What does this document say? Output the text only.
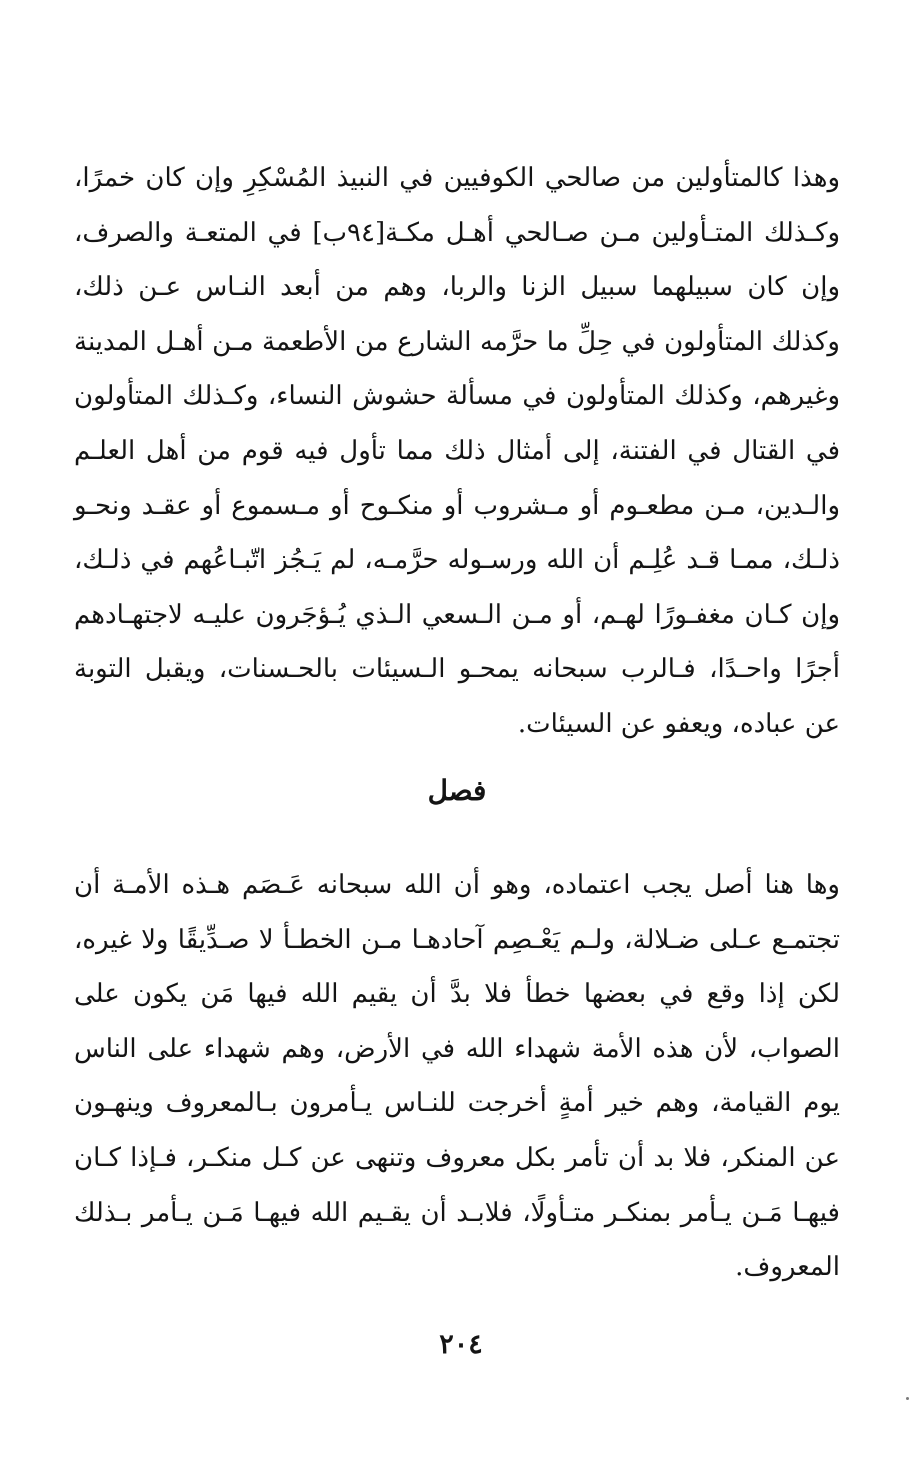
وهذا كالمتأولين من صالحي الكوفيين في النبيذ المُسْكِرِ وإن كان خمرًا، وكـذلك المتـأولين مـن صـالحي أهـل مكـة[٩٤ب] في المتعـة والصرف، وإن كان سبيلهما سبيل الزنا والربا، وهم من أبعد النـاس عـن ذلك، وكذلك المتأولون في حِلِّ ما حرَّمه الشارع من الأطعمة مـن أهـل المدينة وغيرهم، وكذلك المتأولون في مسألة حشوش النساء، وكـذلك المتأولون في القتال في الفتنة، إلى أمثال ذلك مما تأول فيه قوم من أهل العلـم والـدين، مـن مطعـوم أو مـشروب أو منكـوح أو مـسموع أو عقـد ونحـو ذلـك، ممـا قـد عُلِـم أن الله ورسـوله حرَّمـه، لم يَـجُز اتّبـاعُهم في ذلـك، وإن كـان مغفـورًا لهـم، أو مـن الـسعي الـذي يُـؤجَرون عليـه لاجتهـادهم أجرًا واحـدًا، فـالرب سبحانه يمحـو الـسيئات بالحـسنات، ويقبل التوبة عن عباده، ويعفو عن السيئات.

فصل

وها هنا أصل يجب اعتماده، وهو أن الله سبحانه عَـصَم هـذه الأمـة أن تجتمـع عـلى ضـلالة، ولـم يَعْـصِم آحادهـا مـن الخطـأ لا صـدِّيقًا ولا غيره، لكن إذا وقع في بعضها خطأ فلا بدَّ أن يقيم الله فيها مَن يكون على الصواب، لأن هذه الأمة شهداء الله في الأرض، وهم شهداء على الناس يوم القيامة، وهم خير أمةٍ أخرجت للنـاس يـأمرون بـالمعروف وينهـون عن المنكر، فلا بد أن تأمر بكل معروف وتنهى عن كـل منكـر، فـإذا كـان فيهـا مَـن يـأمر بمنكـر متـأولًا، فلابـد أن يقـيم الله فيهـا مَـن يـأمر بـذلك المعروف.

٢٠٤
